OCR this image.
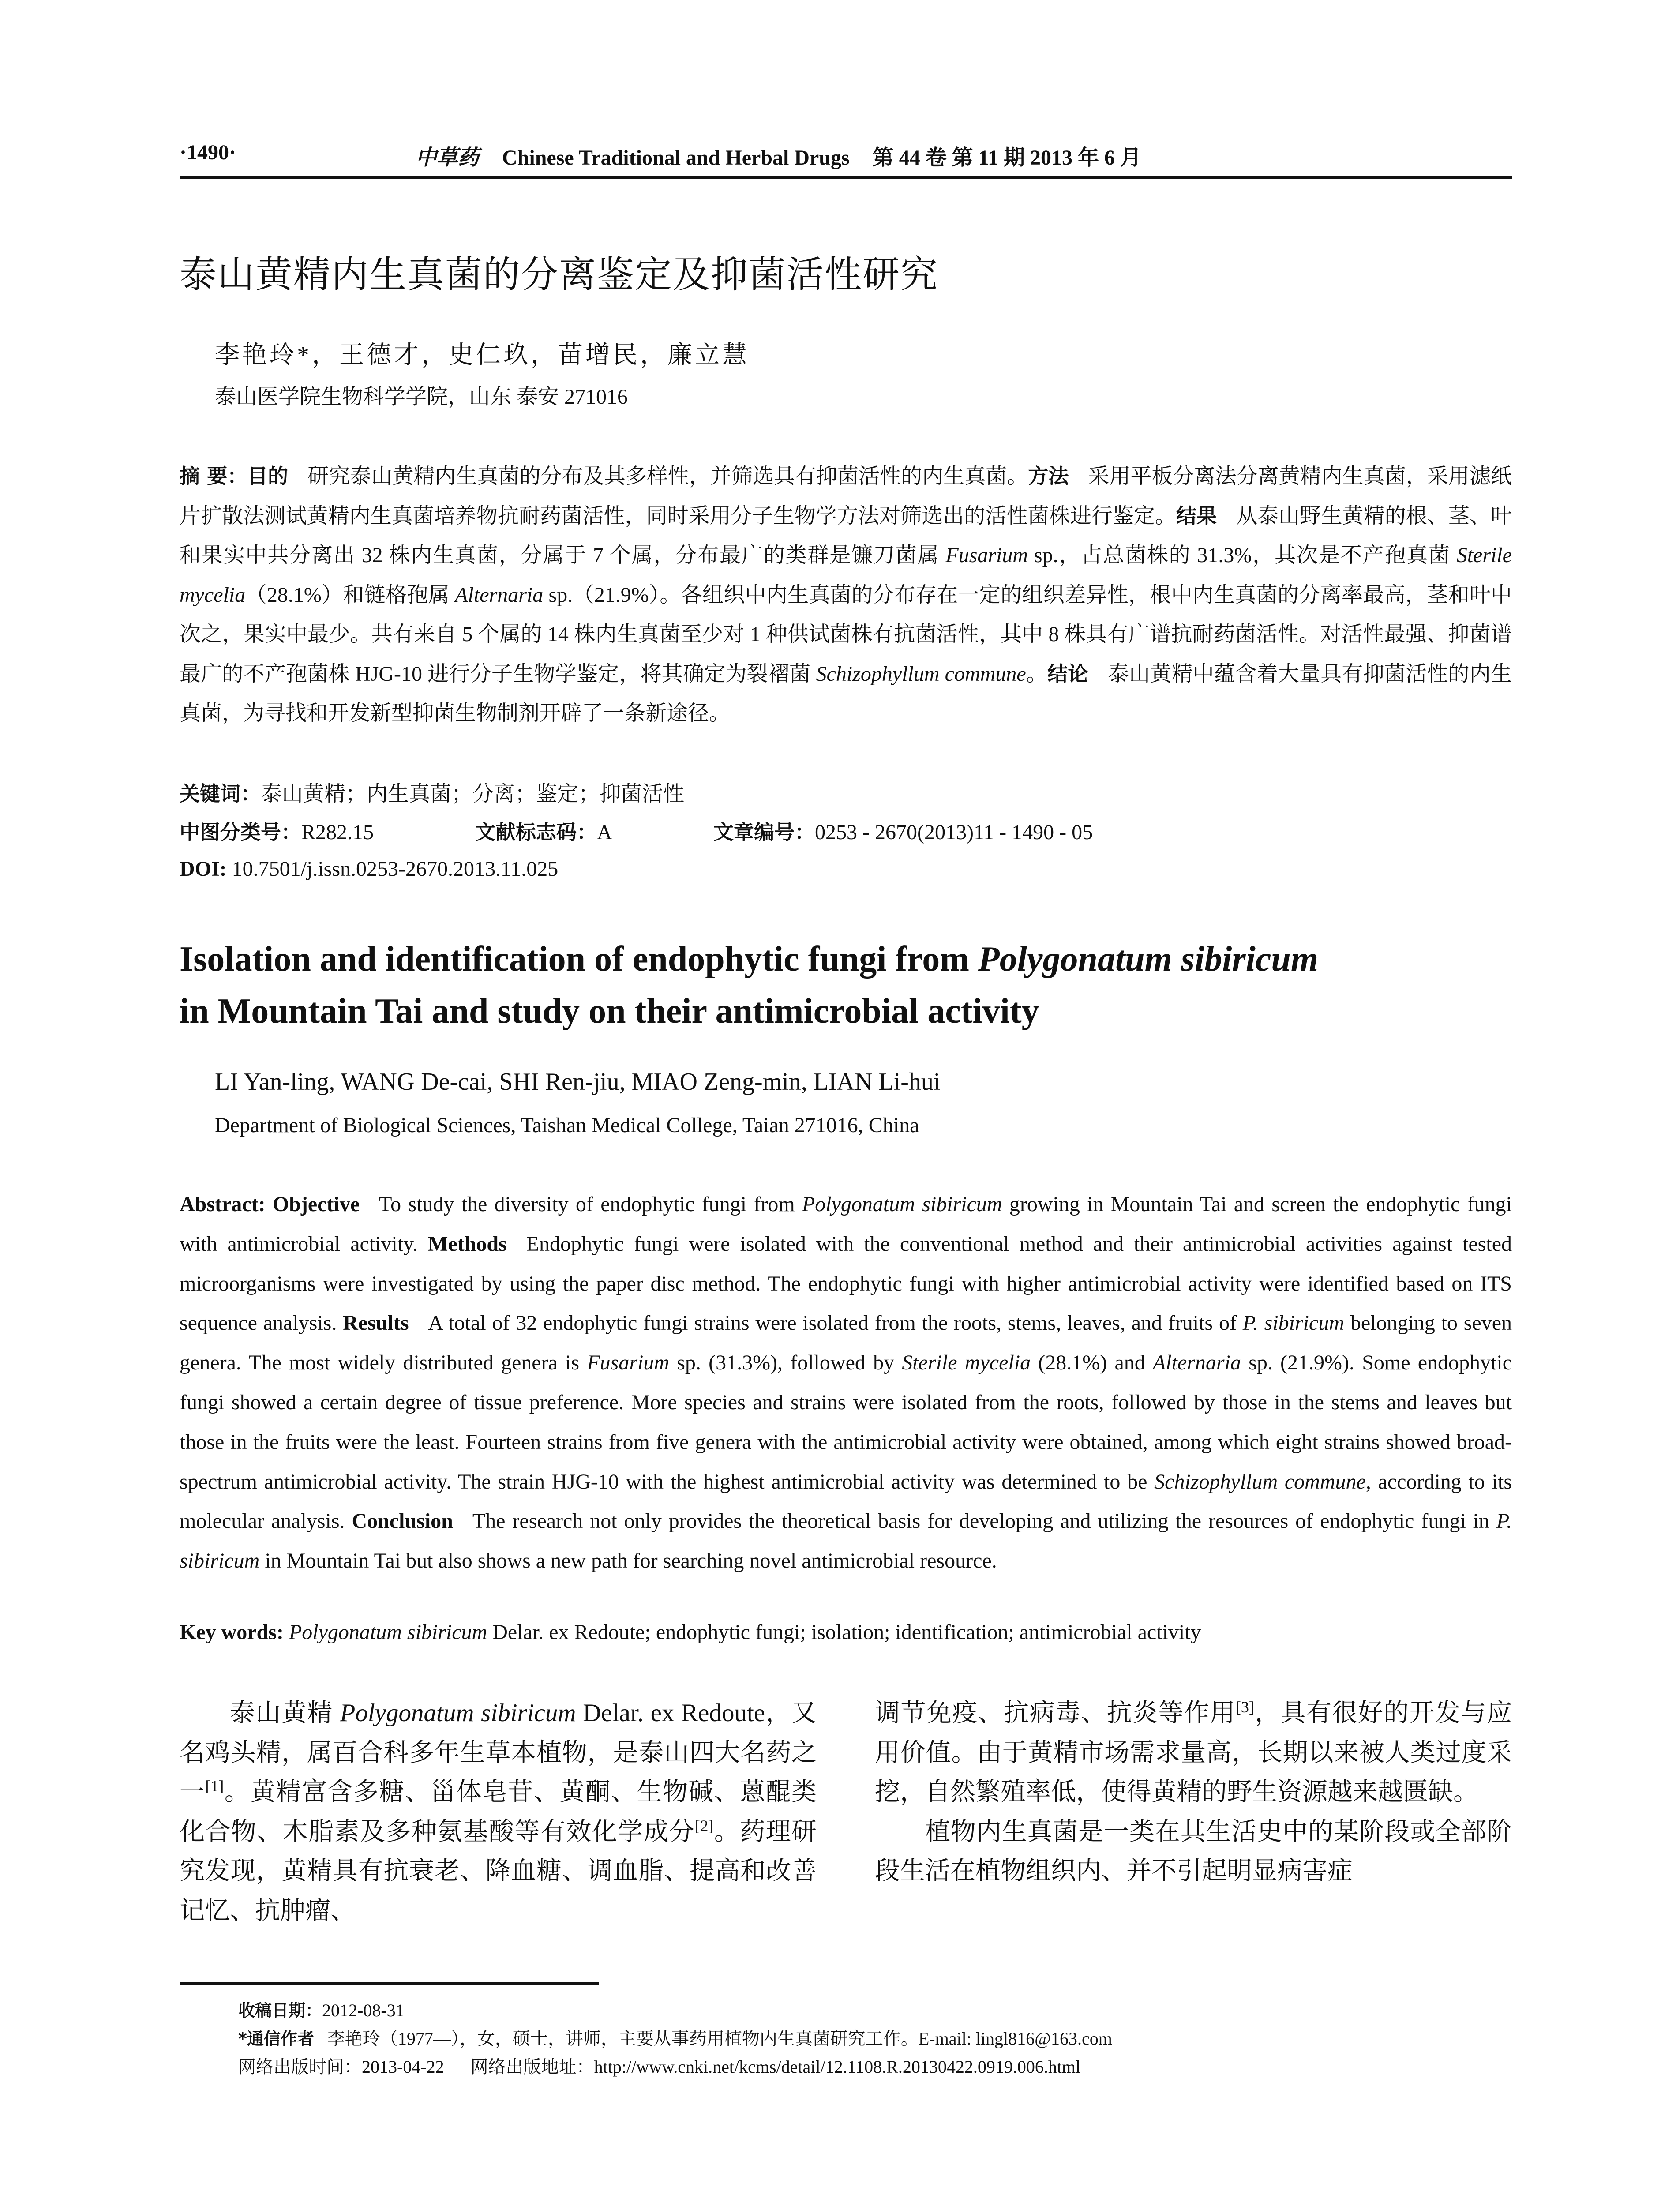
·1490·	中草药 Chinese Traditional and Herbal Drugs 第 44 卷 第 11 期 2013 年 6 月
泰山黄精内生真菌的分离鉴定及抑菌活性研究
李艳玲*，王德才，史仁玖，苗增民，廉立慧
泰山医学院生物科学学院，山东 泰安 271016
摘 要：目的 研究泰山黄精内生真菌的分布及其多样性，并筛选具有抑菌活性的内生真菌。方法 采用平板分离法分离黄精内生真菌，采用滤纸片扩散法测试黄精内生真菌培养物抗耐药菌活性，同时采用分子生物学方法对筛选出的活性菌株进行鉴定。结果 从泰山野生黄精的根、茎、叶和果实中共分离出 32 株内生真菌，分属于 7 个属，分布最广的类群是镰刀菌属 Fusarium sp.，占总菌株的 31.3%，其次是不产孢真菌 Sterile mycelia（28.1%）和链格孢属 Alternaria sp.（21.9%）。各组织中内生真菌的分布存在一定的组织差异性，根中内生真菌的分离率最高，茎和叶中次之，果实中最少。共有来自 5 个属的 14 株内生真菌至少对 1 种供试菌株有抗菌活性，其中 8 株具有广谱抗耐药菌活性。对活性最强、抑菌谱最广的不产孢菌株 HJG-10 进行分子生物学鉴定，将其确定为裂褶菌 Schizophyllum commune。结论 泰山黄精中蕴含着大量具有抑菌活性的内生真菌，为寻找和开发新型抑菌生物制剂开辟了一条新途径。
关键词：泰山黄精；内生真菌；分离；鉴定；抑菌活性
中图分类号：R282.15	文献标志码：A	文章编号：0253 - 2670(2013)11 - 1490 - 05
DOI: 10.7501/j.issn.0253-2670.2013.11.025
Isolation and identification of endophytic fungi from Polygonatum sibiricum
in Mountain Tai and study on their antimicrobial activity
LI Yan-ling, WANG De-cai, SHI Ren-jiu, MIAO Zeng-min, LIAN Li-hui
Department of Biological Sciences, Taishan Medical College, Taian 271016, China
Abstract: Objective To study the diversity of endophytic fungi from Polygonatum sibiricum growing in Mountain Tai and screen the endophytic fungi with antimicrobial activity. Methods Endophytic fungi were isolated with the conventional method and their antimicrobial activities against tested microorganisms were investigated by using the paper disc method. The endophytic fungi with higher antimicrobial activity were identified based on ITS sequence analysis. Results A total of 32 endophytic fungi strains were isolated from the roots, stems, leaves, and fruits of P. sibiricum belonging to seven genera. The most widely distributed genera is Fusarium sp. (31.3%), followed by Sterile mycelia (28.1%) and Alternaria sp. (21.9%). Some endophytic fungi showed a certain degree of tissue preference. More species and strains were isolated from the roots, followed by those in the stems and leaves but those in the fruits were the least. Fourteen strains from five genera with the antimicrobial activity were obtained, among which eight strains showed broad-spectrum antimicrobial activity. The strain HJG-10 with the highest antimicrobial activity was determined to be Schizophyllum commune, according to its molecular analysis. Conclusion The research not only provides the theoretical basis for developing and utilizing the resources of endophytic fungi in P. sibiricum in Mountain Tai but also shows a new path for searching novel antimicrobial resource.
Key words: Polygonatum sibiricum Delar. ex Redoute; endophytic fungi; isolation; identification; antimicrobial activity

泰山黄精 Polygonatum sibiricum Delar. ex Redoute，又名鸡头精，属百合科多年生草本植物，是泰山四大名药之一[1]。黄精富含多糖、甾体皂苷、黄酮、生物碱、蒽醌类化合物、木脂素及多种氨基酸等有效化学成分[2]。药理研究发现，黄精具有抗衰老、降血糖、调血脂、提高和改善记忆、抗肿瘤、

调节免疫、抗病毒、抗炎等作用[3]，具有很好的开发与应用价值。由于黄精市场需求量高，长期以来被人类过度采挖，自然繁殖率低，使得黄精的野生资源越来越匮缺。

植物内生真菌是一类在其生活史中的某阶段或全部阶段生活在植物组织内、并不引起明显病害症

收稿日期：2012-08-31
*通信作者 李艳玲（1977—），女，硕士，讲师，主要从事药用植物内生真菌研究工作。E-mail: lingl816@163.com
网络出版时间：2013-04-22 网络出版地址：http://www.cnki.net/kcms/detail/12.1108.R.20130422.0919.006.html
